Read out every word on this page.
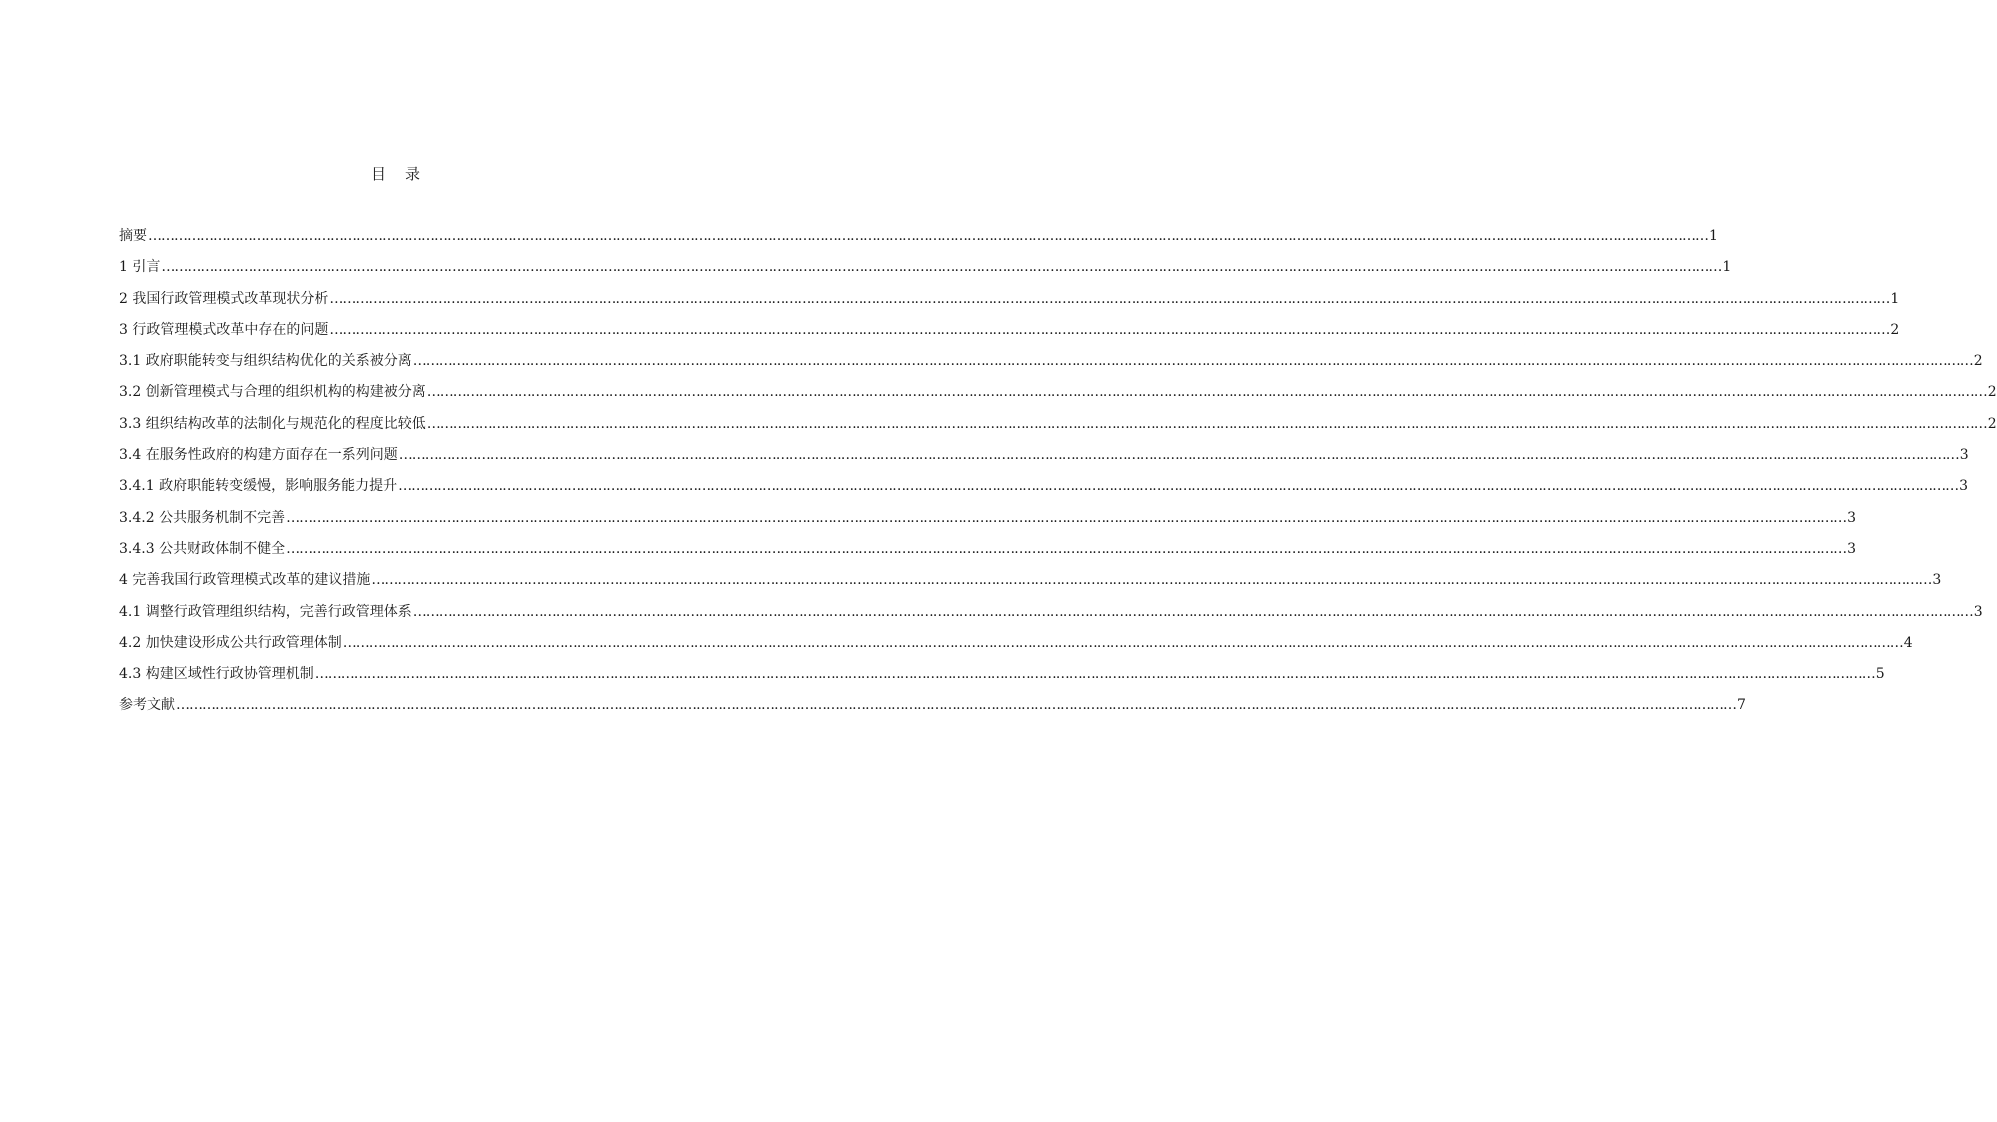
目　录
摘要 ……………………………………………………………………………………………………………………………………………………………………………………………………………………………………………………………………………………………………………………………… 1
1 引言 ……………………………………………………………………………………………………………………………………………………………………………………………………………………………………………………………………………………………………………………………… 1
2 我国行政管理模式改革现状分析 ……………………………………………………………………………………………………………………………………………………………………………………………………………………………………………………………………………………………………………………………… 1
3 行政管理模式改革中存在的问题 ……………………………………………………………………………………………………………………………………………………………………………………………………………………………………………………………………………………………………………………………… 2
3.1 政府职能转变与组织结构优化的关系被分离 ……………………………………………………………………………………………………………………………………………………………………………………………………………………………………………………………………………………………………………………………… 2
3.2 创新管理模式与合理的组织机构的构建被分离 ……………………………………………………………………………………………………………………………………………………………………………………………………………………………………………………………………………………………………………………………… 2
3.3 组织结构改革的法制化与规范化的程度比较低 ……………………………………………………………………………………………………………………………………………………………………………………………………………………………………………………………………………………………………………………………… 2
3.4 在服务性政府的构建方面存在一系列问题 ……………………………………………………………………………………………………………………………………………………………………………………………………………………………………………………………………………………………………………………………… 3
3.4.1 政府职能转变缓慢，影响服务能力提升 ……………………………………………………………………………………………………………………………………………………………………………………………………………………………………………………………………………………………………………………………… 3
3.4.2 公共服务机制不完善 ……………………………………………………………………………………………………………………………………………………………………………………………………………………………………………………………………………………………………………………………… 3
3.4.3 公共财政体制不健全 ……………………………………………………………………………………………………………………………………………………………………………………………………………………………………………………………………………………………………………………………… 3
4 完善我国行政管理模式改革的建议措施 ……………………………………………………………………………………………………………………………………………………………………………………………………………………………………………………………………………………………………………………………… 3
4.1 调整行政管理组织结构，完善行政管理体系 ……………………………………………………………………………………………………………………………………………………………………………………………………………………………………………………………………………………………………………………………… 3
4.2 加快建设形成公共行政管理体制 ……………………………………………………………………………………………………………………………………………………………………………………………………………………………………………………………………………………………………………………………… 4
4.3 构建区域性行政协管理机制 ……………………………………………………………………………………………………………………………………………………………………………………………………………………………………………………………………………………………………………………………… 5
参考文献 ……………………………………………………………………………………………………………………………………………………………………………………………………………………………………………………………………………………………………………………………… 7
